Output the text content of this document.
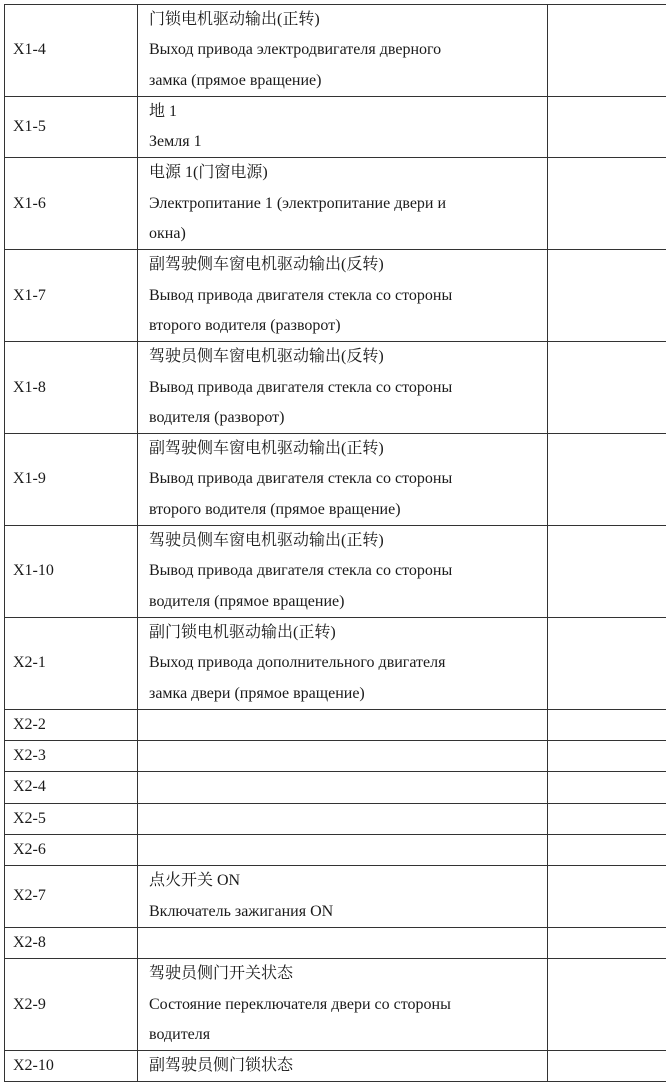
X1-4	门锁电机驱动输出(正转)
Выход привода электродвигателя дверного
замка (прямое вращение)	

X1-5	地 1
Земля 1	

X1-6	电源 1(门窗电源)
Электропитание 1 (электропитание двери и
окна)	

X1-7	副驾驶侧车窗电机驱动输出(反转)
Вывод привода двигателя стекла со стороны
второго водителя (разворот)	

X1-8	驾驶员侧车窗电机驱动输出(反转)
Вывод привода двигателя стекла со стороны
водителя (разворот)	

X1-9	副驾驶侧车窗电机驱动输出(正转)
Вывод привода двигателя стекла со стороны
второго водителя (прямое вращение)	

X1-10	驾驶员侧车窗电机驱动输出(正转)
Вывод привода двигателя стекла со стороны
водителя (прямое вращение)	

X2-1	副门锁电机驱动输出(正转)
Выход привода дополнительного двигателя
замка двери (прямое вращение)	

X2-2	

X2-3	

X2-4	

X2-5	

X2-6	

X2-7	点火开关 ON
Включатель зажигания ON	

X2-8	

X2-9	驾驶员侧门开关状态
Состояние переключателя двери со стороны
водителя	

X2-10	副驾驶员侧门锁状态	
